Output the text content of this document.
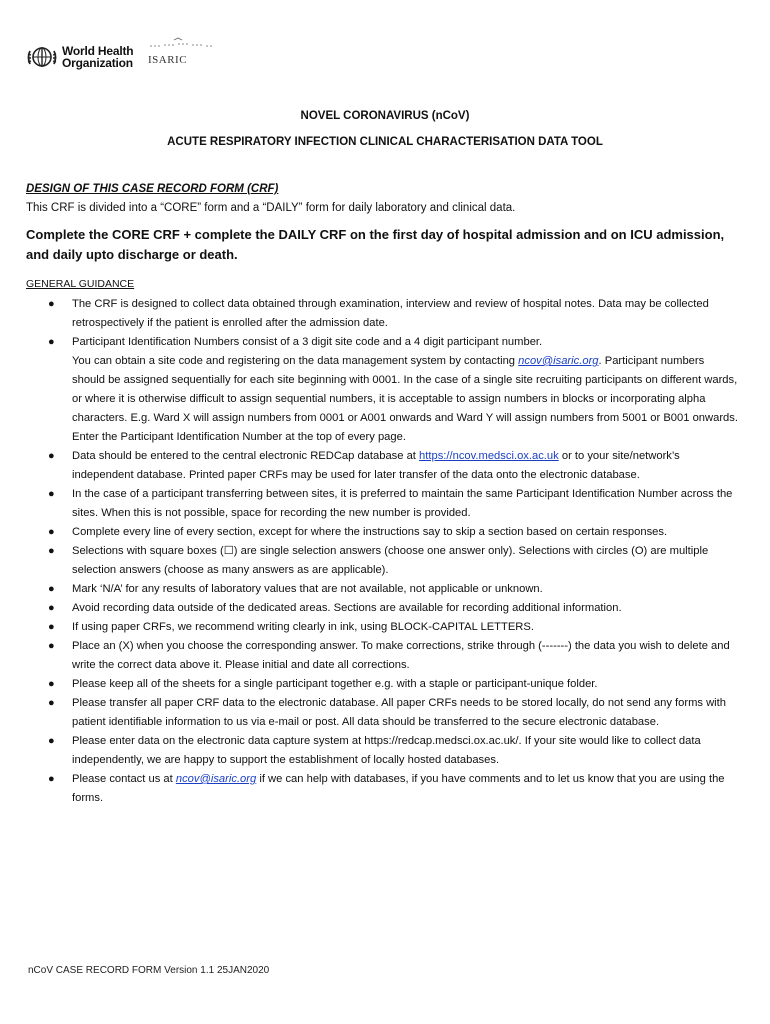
World Health
Organization ISARIC
NOVEL CORONAVIRUS (nCoV)
ACUTE RESPIRATORY INFECTION CLINICAL CHARACTERISATION DATA TOOL
DESIGN OF THIS CASE RECORD FORM (CRF)
This CRF is divided into a “CORE” form and a “DAILY” form for daily laboratory and clinical data.
Complete the CORE CRF + complete the DAILY CRF on the first day of hospital admission and on ICU admission, and daily upto discharge or death.
GENERAL GUIDANCE
● The CRF is designed to collect data obtained through examination, interview and review of hospital notes. Data may be collected retrospectively if the patient is enrolled after the admission date.
● Participant Identification Numbers consist of a 3 digit site code and a 4 digit participant number.
You can obtain a site code and registering on the data management system by contacting ncov@isaric.org. Participant numbers should be assigned sequentially for each site beginning with 0001. In the case of a single site recruiting participants on different wards, or where it is otherwise difficult to assign sequential numbers, it is acceptable to assign numbers in blocks or incorporating alpha characters. E.g. Ward X will assign numbers from 0001 or A001 onwards and Ward Y will assign numbers from 5001 or B001 onwards. Enter the Participant Identification Number at the top of every page.
● Data should be entered to the central electronic REDCap database at https://ncov.medsci.ox.ac.uk or to your site/network’s independent database. Printed paper CRFs may be used for later transfer of the data onto the electronic database.
● In the case of a participant transferring between sites, it is preferred to maintain the same Participant Identification Number across the sites. When this is not possible, space for recording the new number is provided.
● Complete every line of every section, except for where the instructions say to skip a section based on certain responses.
● Selections with square boxes (☐) are single selection answers (choose one answer only). Selections with circles (O) are multiple selection answers (choose as many answers as are applicable).
● Mark ‘N/A’ for any results of laboratory values that are not available, not applicable or unknown.
● Avoid recording data outside of the dedicated areas. Sections are available for recording additional information.
● If using paper CRFs, we recommend writing clearly in ink, using BLOCK-CAPITAL LETTERS.
● Place an (X) when you choose the corresponding answer. To make corrections, strike through (-------) the data you wish to delete and write the correct data above it. Please initial and date all corrections.
● Please keep all of the sheets for a single participant together e.g. with a staple or participant-unique folder.
● Please transfer all paper CRF data to the electronic database. All paper CRFs needs to be stored locally, do not send any forms with patient identifiable information to us via e-mail or post. All data should be transferred to the secure electronic database.
● Please enter data on the electronic data capture system at https://redcap.medsci.ox.ac.uk/. If your site would like to collect data independently, we are happy to support the establishment of locally hosted databases.
● Please contact us at ncov@isaric.org if we can help with databases, if you have comments and to let us know that you are using the forms.
nCoV CASE RECORD FORM Version 1.1 25JAN2020
